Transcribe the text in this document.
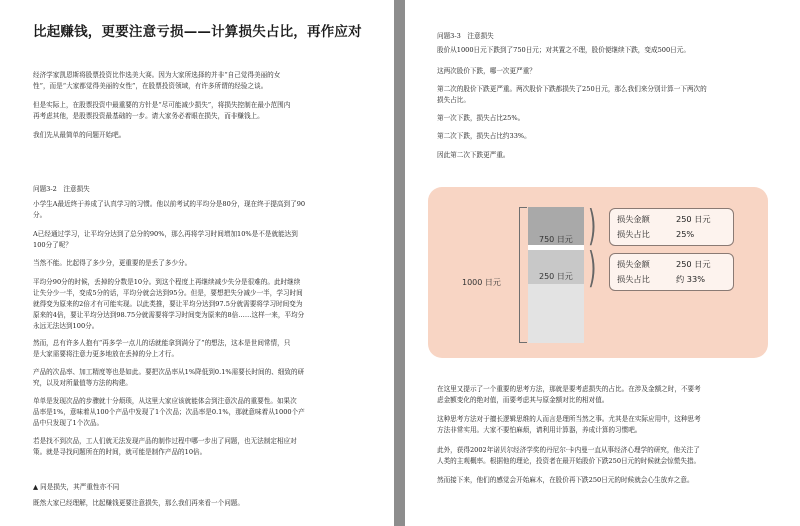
比起赚钱，更要注意亏损——计算损失占比，再作应对
经济学家凯恩斯将股票投资比作选美大赛。因为大家所选择的并非“自己觉得美丽的女
性”，而是“大家都觉得美丽的女性”，在股票投资领域，有许多所谓的经验之谈。
但是实际上，在股票投资中最重要的方针是“尽可能减少损失”，将损失控制在最小范围内
再考虑其他，是股票投资最基础的一步。请大家务必着眼在损失，而非赚钱上。
我们先从最简单的问题开始吧。
问题3-2　注意损失
小学生A最近终于养成了认真学习的习惯。他以前考试的平均分是80分，现在终于提高到了90
分。
A已经通过学习，让平均分达到了总分的90%，那么再将学习时间增加10%是不是就能达到
100分了呢？
当然不能。比起得了多少分，更重要的是丢了多少分。
平均分90分的时候，丢掉的分数是10分。到这个程度上再继续减少失分是很难的。此时继续
让失分少一半，变成5分的话，平均分就会达到95分。但是，要想把失分减少一半，学习时间
就得变为原来的2倍才有可能实现。以此类推，要让平均分达到97.5分就需要将学习时间变为
原来的4倍，要让平均分达到98.75分就需要将学习时间变为原来的8倍……这样一来，平均分
永远无法达到100分。
然而，总有许多人抱有“再多学一点儿的话就能拿到满分了”的想法，这本是世间常情，只
是大家需要将注意力更多地放在丢掉的分上才行。
产品的次品率、加工精度等也是如此。要把次品率从1%降低到0.1%需要长时间的、细致的研
究，以及对所量值等方法的构建。
单单是发现次品的步骤就十分烦琐，从这里大家应该就能体会到注意次品的重要性。如果次
品率是1%，意味着从100个产品中发现了1个次品；次品率是0.1%，那就意味着从1000个产
品中只发现了1个次品。
若是找不到次品，工人们就无法发现产品的制作过程中哪一步出了问题，也无法制定相应对
策。就是寻找问题所在的时间，就可能是制作产品的10倍。
▲ 同是损失，其严重性亦不同
既然大家已经理解，比起赚钱更要注意损失，那么我们再来看一个问题。
问题3-3　注意损失
股价从1000日元下跌到了750日元；对其置之不理，股价便继续下跌，变成500日元。
这两次股价下跌，哪一次更严重？
第二次的股价下跌更严重。两次股价下跌都损失了250日元，那么我们来分别计算一下两次的
损失占比。
第一次下跌，损失占比25%。
第二次下跌，损失占比约33%。
因此第二次下跌更严重。
在这里又提示了一个重要的思考方法，那就是要考虑损失的占比。在涉及金额之时，不要考
虑金额变化的绝对值，而要考虑其与原金额对比的相对值。
这种思考方法对于擅长逻辑思维的人而言是理所当然之事。尤其是在实际应用中，这种思考
方法非常实用。大家不要怕麻烦，请利用计算器，养成计算的习惯吧。
此外，获得2002年诺贝尔经济学奖的丹尼尔·卡内曼一直从事经济心理学的研究，他关注了
人类的主观概率。根据他的理论，投资者在最开始股价下跌250日元的时候就会惊慌失措。
然而接下来，他们的感觉会开始麻木，在股价再下跌250日元的时候就会心生放弃之意。
1000 日元
750 日元
250 日元
)
)
损失金额	250 日元
损失占比	25%
损失金额	250 日元
损失占比	约 33%
